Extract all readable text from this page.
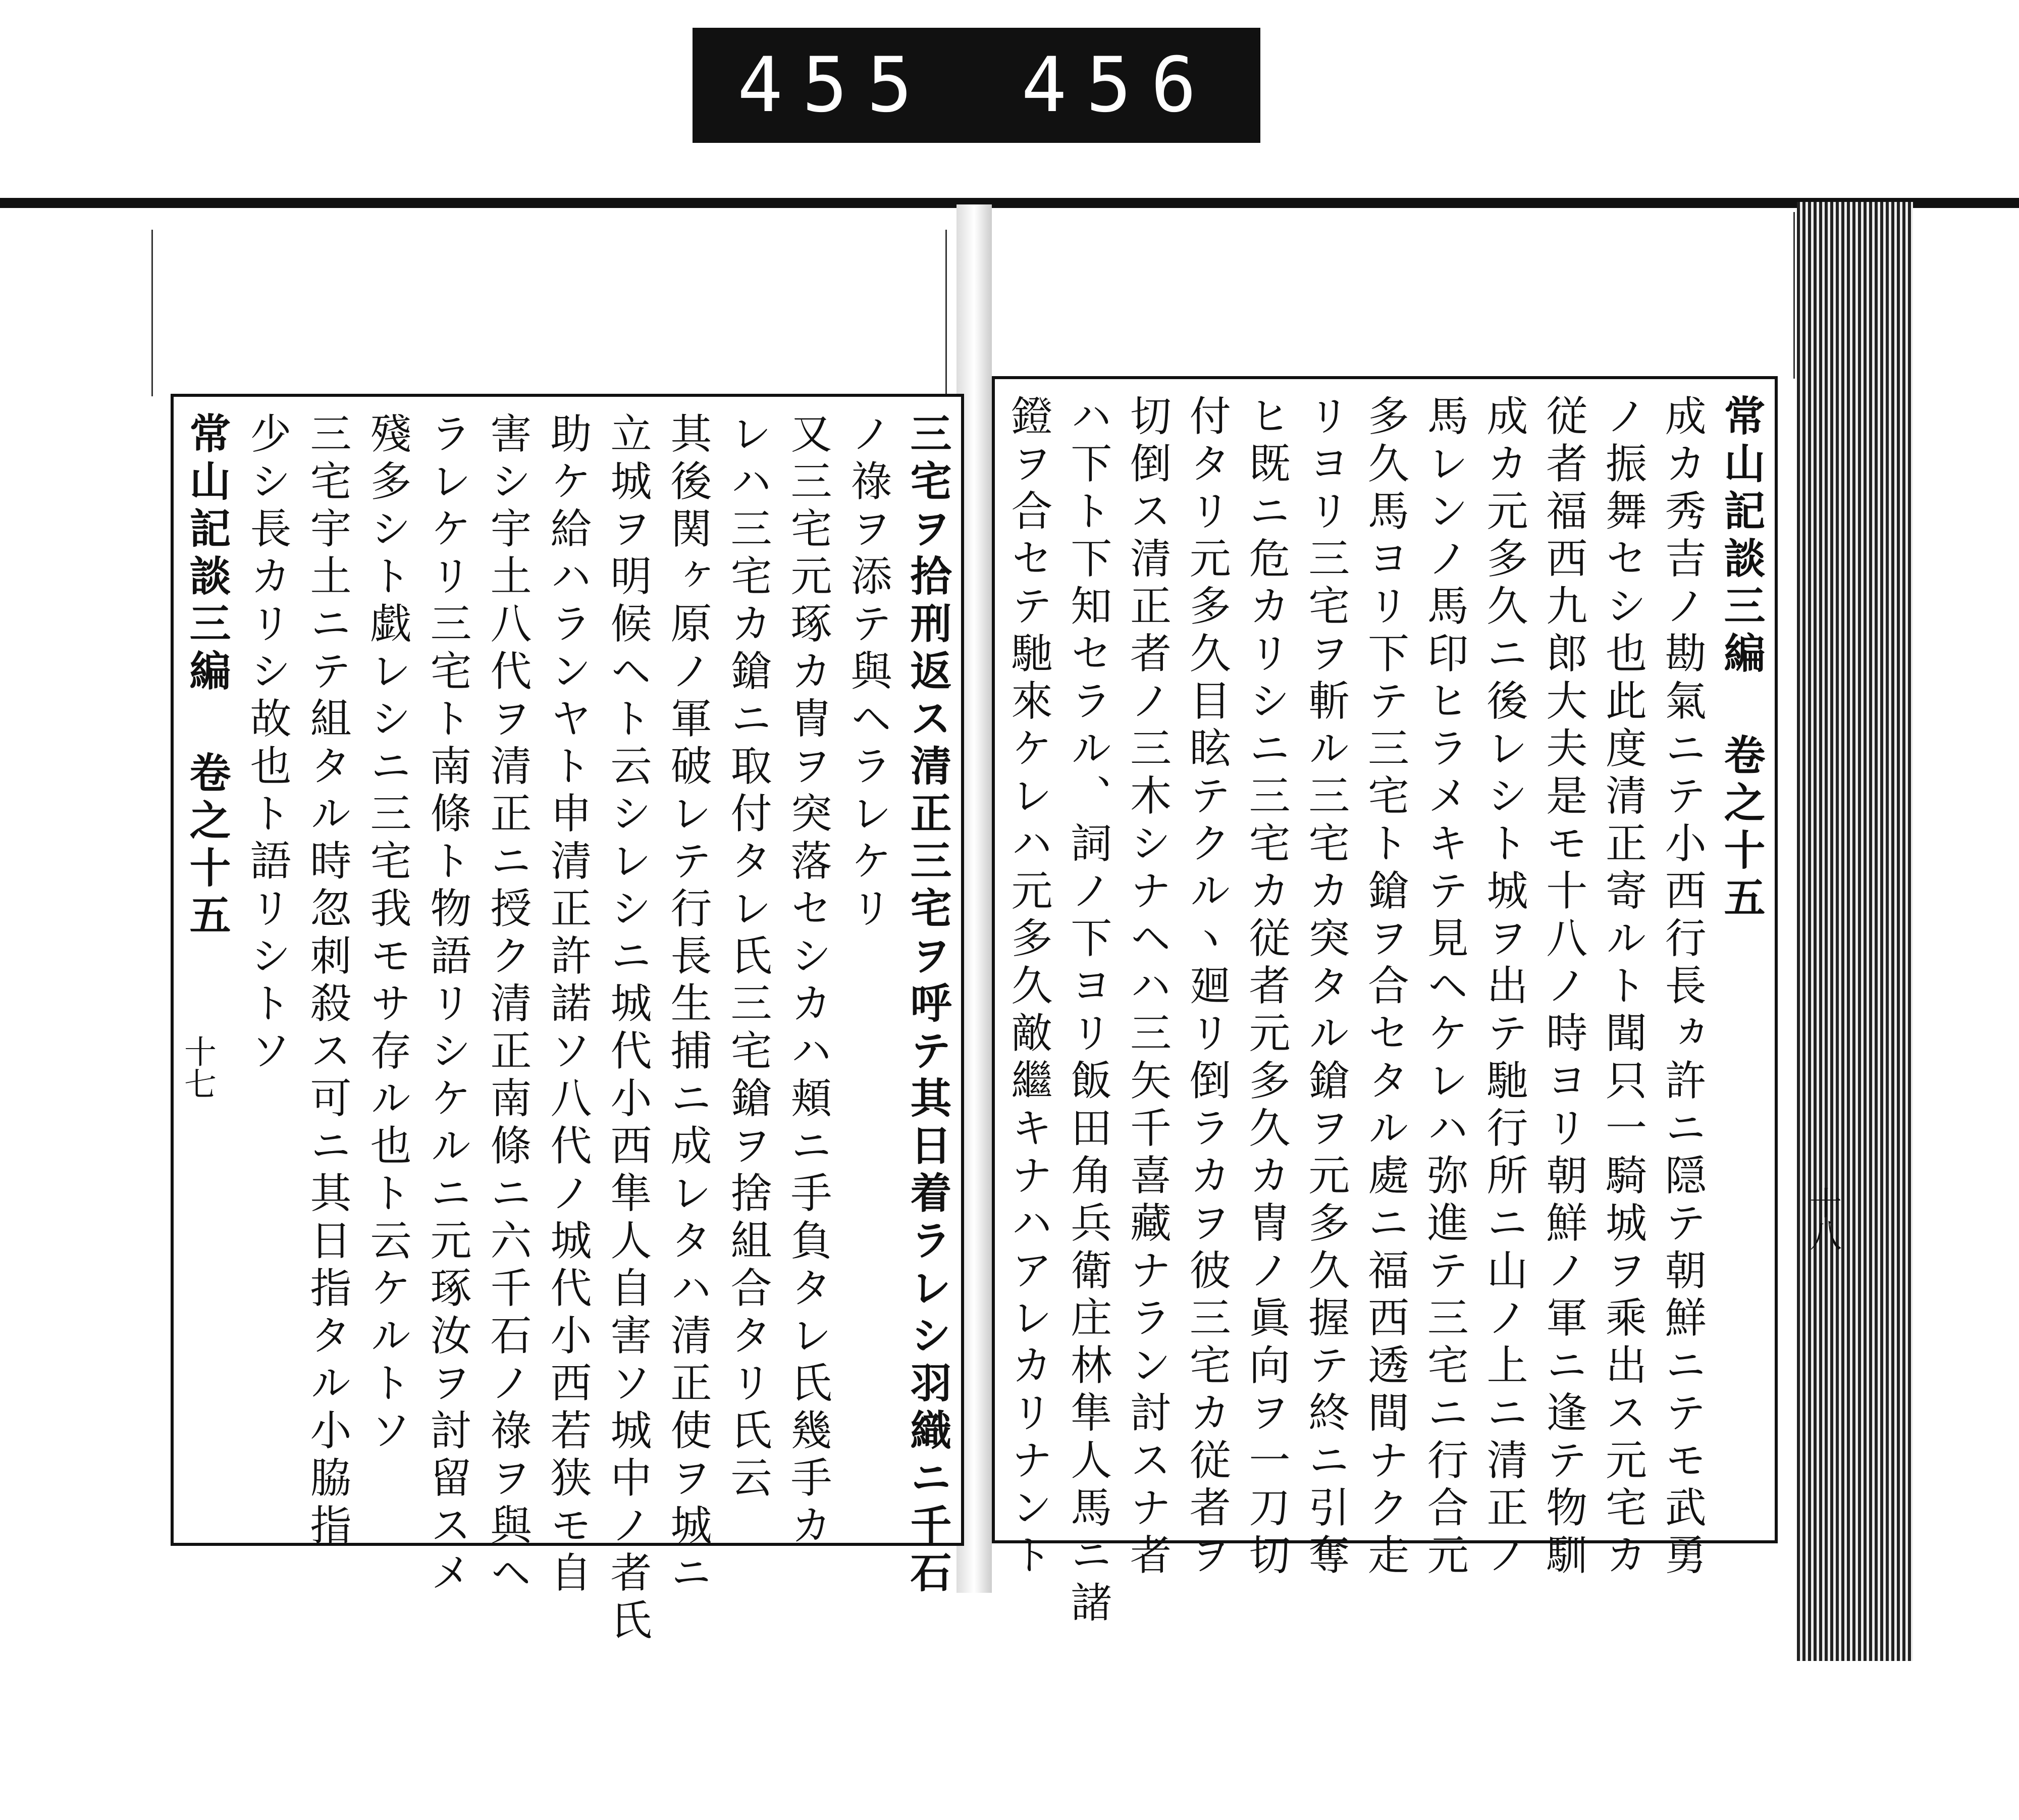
455 456
常山記談三編 卷之十五
成カ秀吉ノ勘氣ニテ小西行長ヵ許ニ隠テ朝鮮ニテモ武勇
ノ振舞セシ也此度清正寄ルト聞只一騎城ヲ乘出ス元宅カ
従者福西九郎大夫是モ十八ノ時ヨリ朝鮮ノ軍ニ逢テ物馴
成カ元多久ニ後レシト城ヲ出テ馳行所ニ山ノ上ニ清正ノ
馬レンノ馬印ヒラメキテ見ヘケレハ弥進テ三宅ニ行合元
多久馬ヨリ下テ三宅ト鎗ヲ合セタル處ニ福西透間ナク走
リヨリ三宅ヲ斬ル三宅カ突タル鎗ヲ元多久握テ終ニ引奪
ヒ既ニ危カリシニ三宅カ従者元多久カ冑ノ眞向ヲ一刀切
付タリ元多久目眩テクルヽ廻リ倒ラカヲ彼三宅カ従者ヲ
切倒ス清正者ノ三木シナヘハ三矢千喜藏ナラン討スナ者
ハ下ト下知セラル、詞ノ下ヨリ飯田角兵衛庄林隼人馬ニ諸
鐙ヲ合セテ馳來ケレハ元多久敵繼キナハアレカリナント	十八
三宅ヲ拾刑返ス清正三宅ヲ呼テ其日着ラレシ羽織ニ千石
ノ祿ヲ添テ與ヘラレケリ
又三宅元琢カ冑ヲ突落セシカハ頬ニ手負タレ氏幾手カ
レハ三宅カ鎗ニ取付タレ氏三宅鎗ヲ捨組合タリ氏云
其後関ヶ原ノ軍破レテ行長生捕ニ成レタハ清正使ヲ城ニ
立城ヲ明候ヘト云シレシニ城代小西隼人自害ソ城中ノ者氏
助ケ給ハランヤト申清正許諾ソ八代ノ城代小西若狭モ自
害シ宇土八代ヲ清正ニ授ク清正南條ニ六千石ノ祿ヲ與ヘ
ラレケリ三宅ト南條ト物語リシケルニ元琢汝ヲ討留スメ
殘多シト戯レシニ三宅我モサ存ル也ト云ケルトソ
三宅宇土ニテ組タル時忽刺殺ス可ニ其日指タル小脇指
少シ長カリシ故也ト語リシトソ
常山記談三編 卷之十五
十七
